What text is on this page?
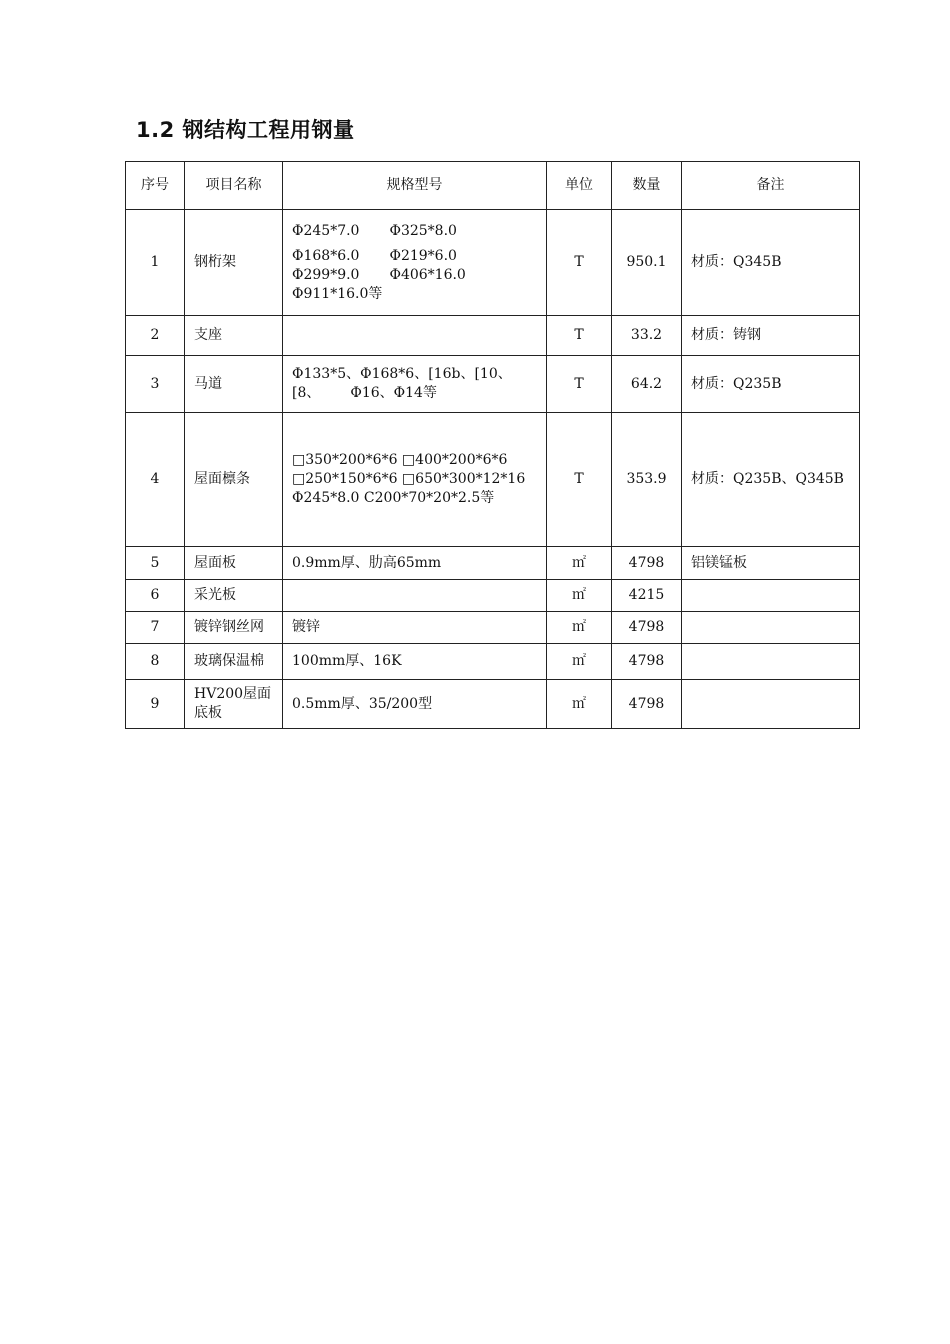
1.2 钢结构工程用钢量
序号	项目名称	规格型号	单位	数量	备注
1	钢桁架	Φ245*7.0 Φ325*8.0
Φ168*6.0 Φ219*6.0
Φ299*9.0 Φ406*16.0
Φ911*16.0等	T	950.1	材质：Q345B
2	支座		T	33.2	材质：铸钢
3	马道	Φ133*5、Φ168*6、[16b、[10、
[8、 Φ16、Φ14等	T	64.2	材质：Q235B
4	屋面檩条	□350*200*6*6 □400*200*6*6
□250*150*6*6 □650*300*12*16
Φ245*8.0 C200*70*20*2.5等	T	353.9	材质：Q235B、Q345B
5	屋面板	0.9mm厚、肋高65mm	㎡	4798	铝镁锰板
6	采光板		㎡	4215	
7	镀锌钢丝网	镀锌	㎡	4798	
8	玻璃保温棉	100mm厚、16K	㎡	4798	
9	HV200屋面
底板	0.5mm厚、35/200型	㎡	4798	
